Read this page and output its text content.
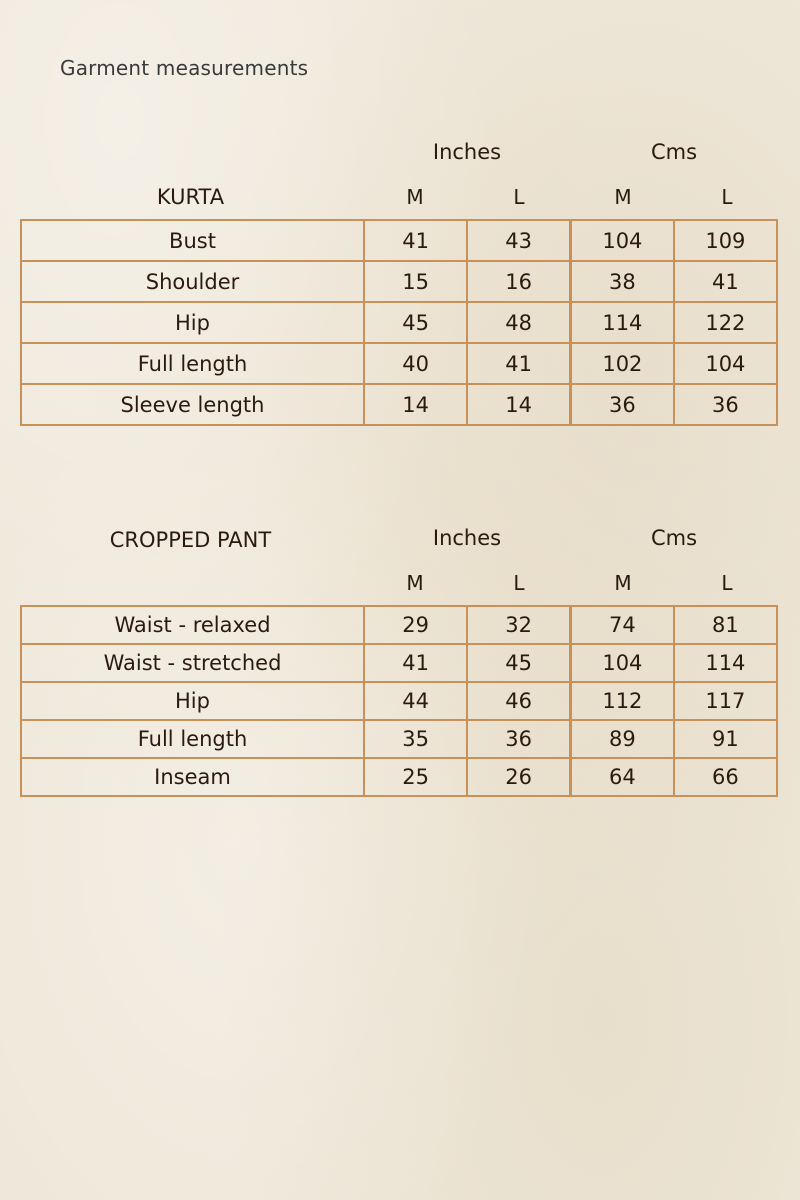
Garment measurements
Inches	Cms
KURTA	M	L	M	L
Bust	41	43	104	109
Shoulder	15	16	38	41
Hip	45	48	114	122
Full length	40	41	102	104
Sleeve length	14	14	36	36
Inches	Cms
CROPPED PANT
M	L	M	L
Waist - relaxed	29	32	74	81
Waist - stretched	41	45	104	114
Hip	44	46	112	117
Full length	35	36	89	91
Inseam	25	26	64	66
